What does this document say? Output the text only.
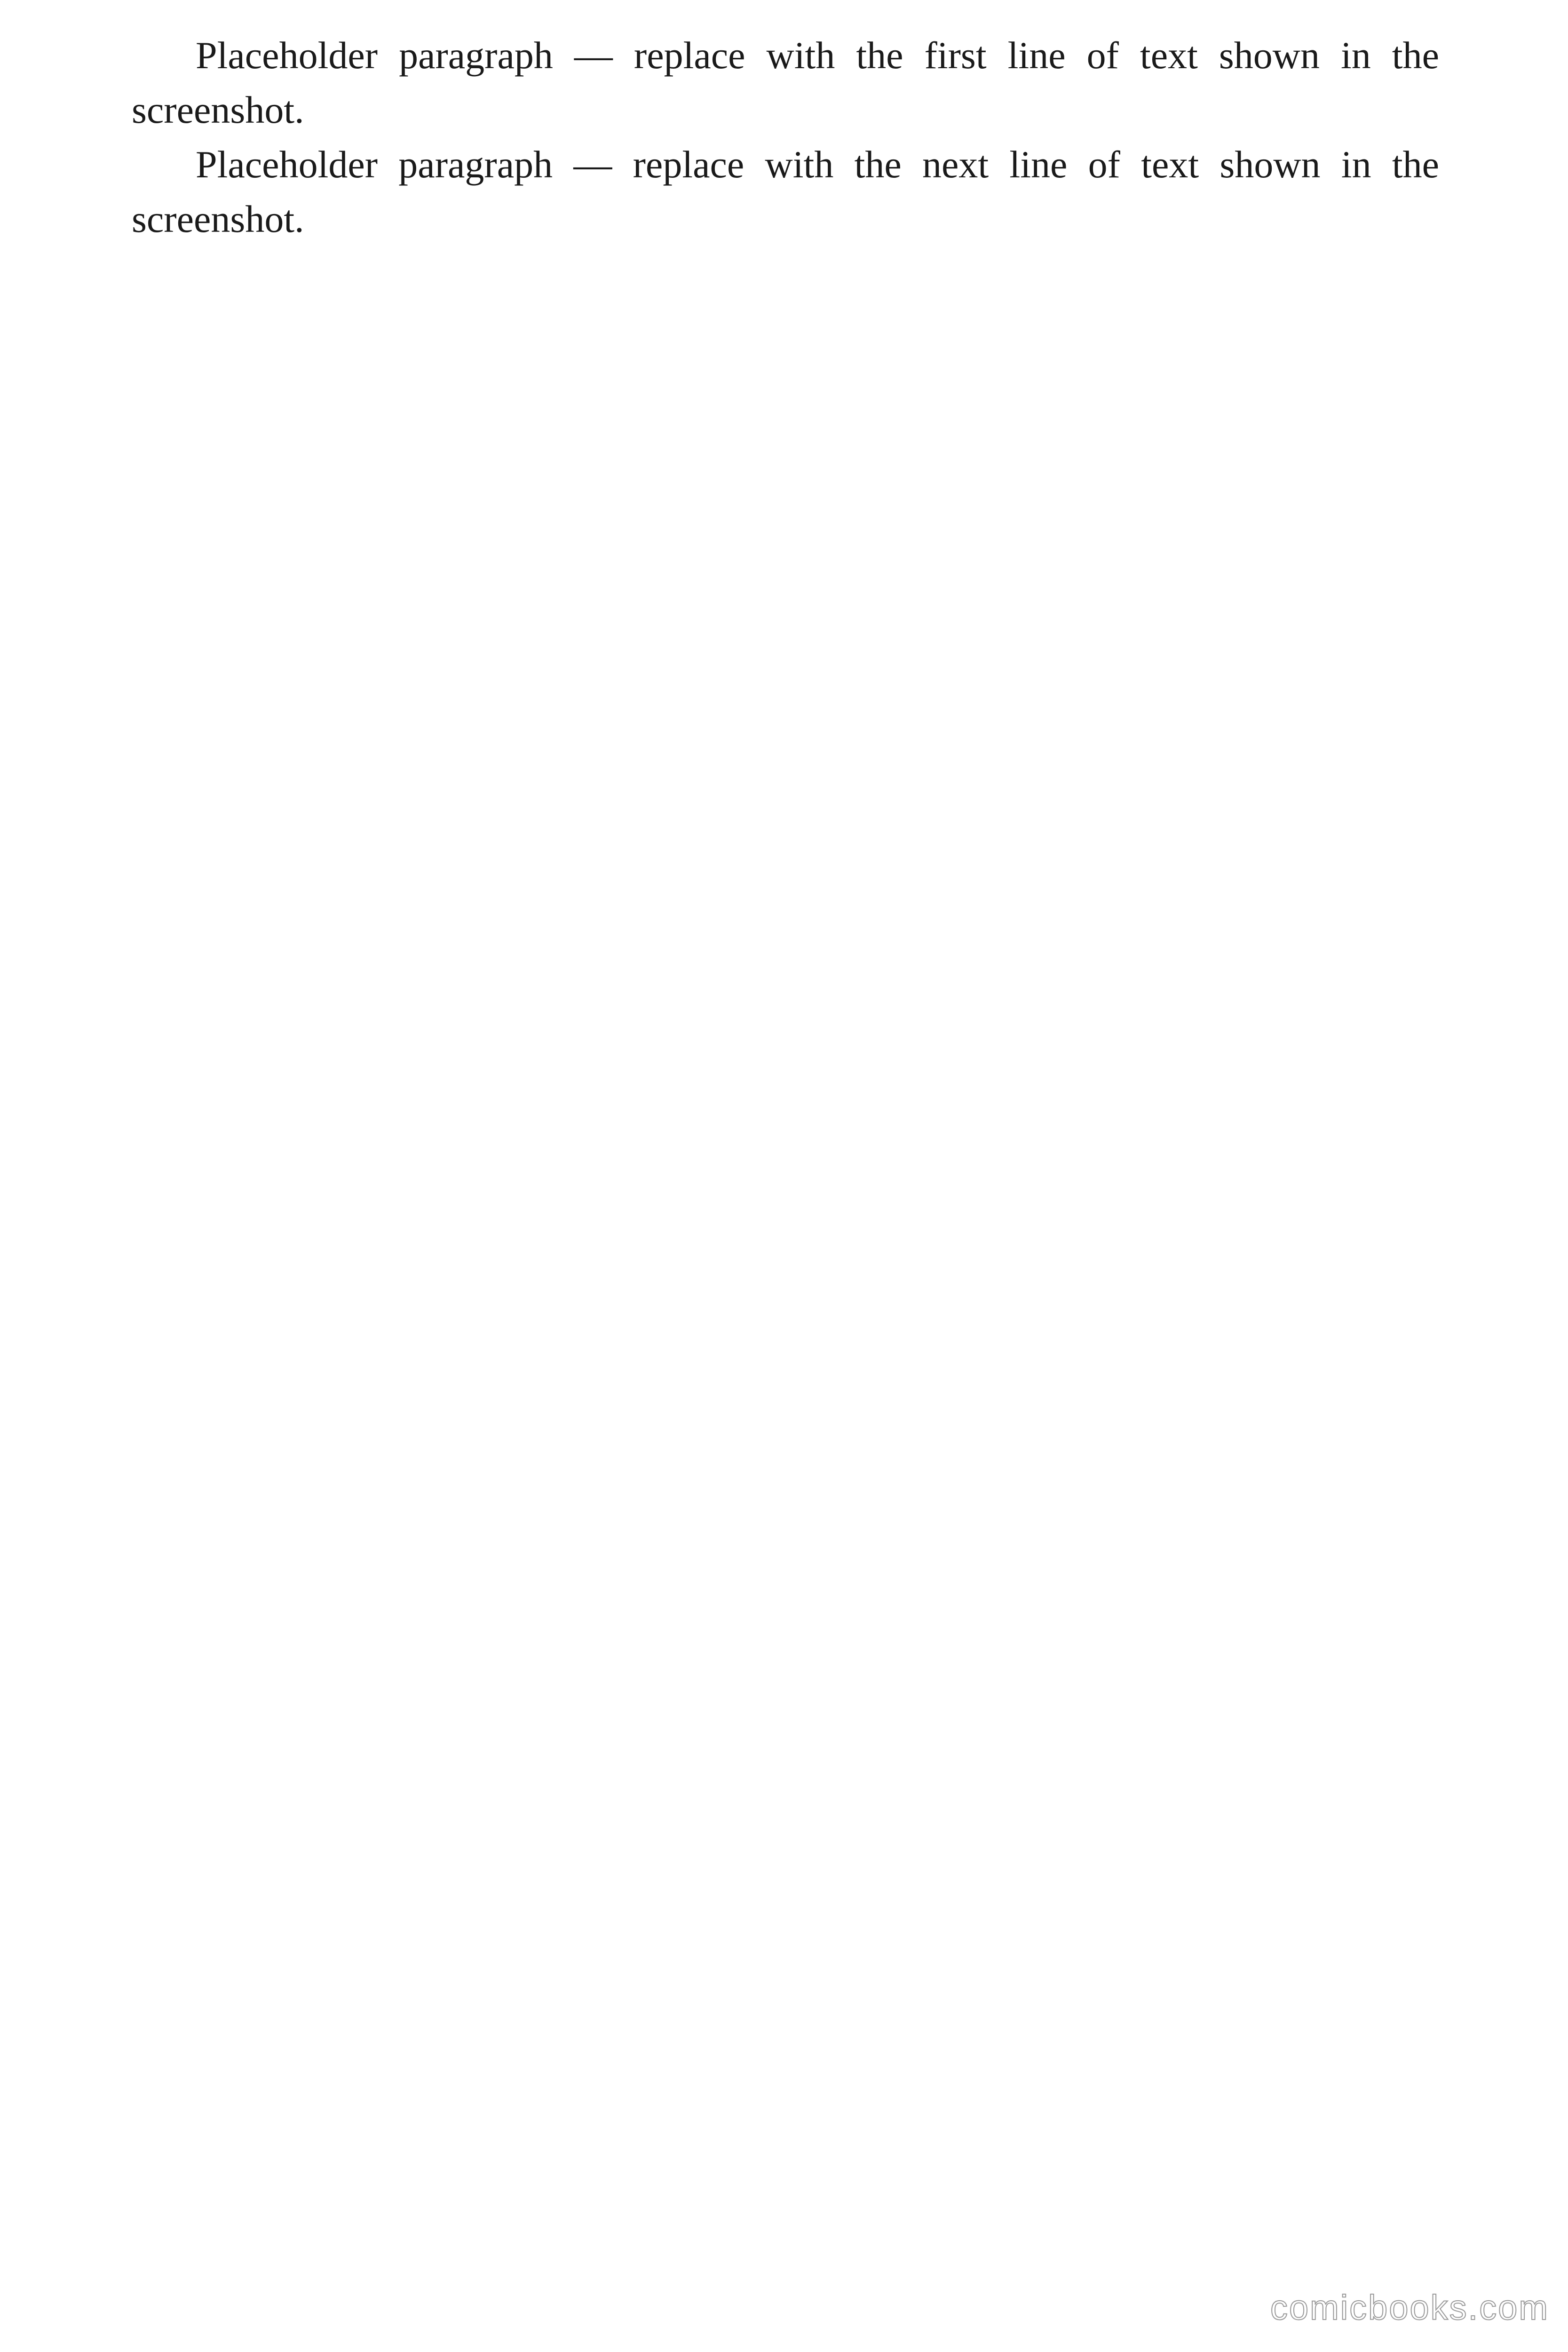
Placeholder paragraph — replace with the first line of text shown in the screenshot.

Placeholder paragraph — replace with the next line of text shown in the screenshot.

comicbooks.com
